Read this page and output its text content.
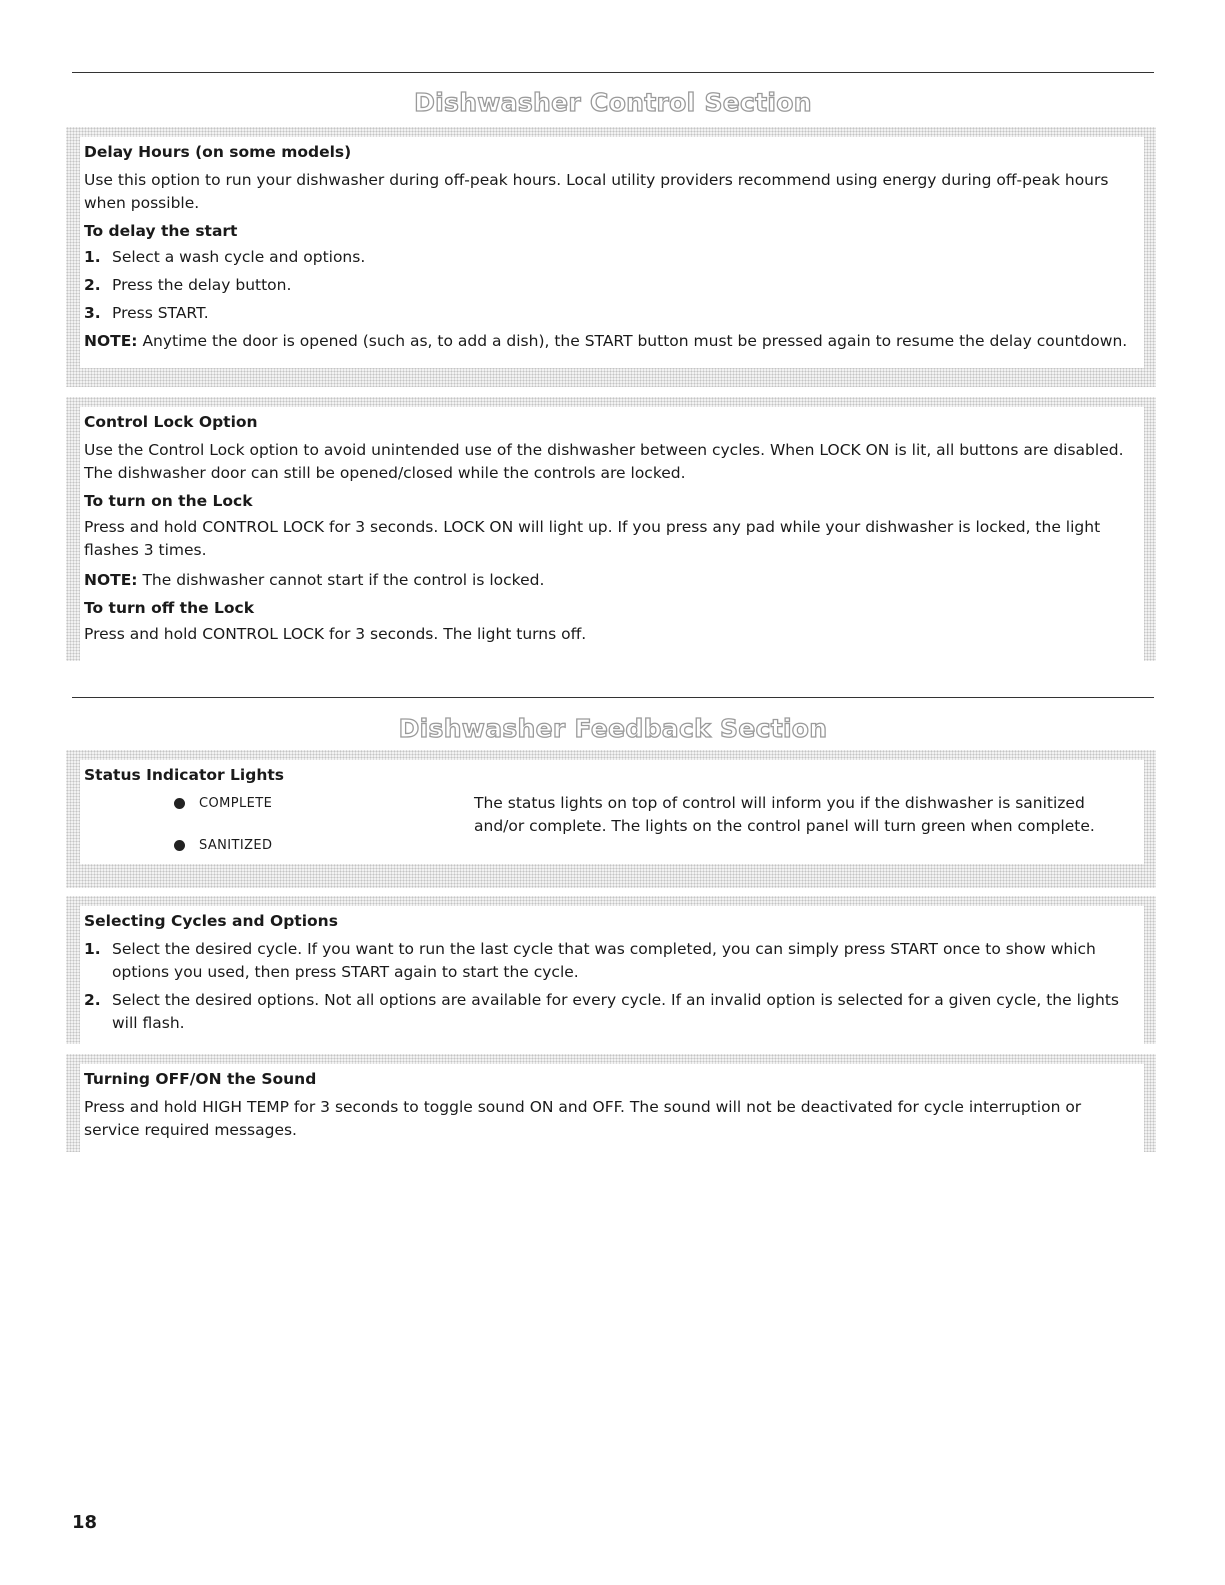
Dishwasher Control Section
Delay Hours (on some models)

Use this option to run your dishwasher during off-peak hours. Local utility providers recommend using energy during off-peak hours when possible.

To delay the start
1. Select a wash cycle and options.
2. Press the delay button.
3. Press START.

NOTE: Anytime the door is opened (such as, to add a dish), the START button must be pressed again to resume the delay countdown.

Control Lock Option

Use the Control Lock option to avoid unintended use of the dishwasher between cycles. When LOCK ON is lit, all buttons are disabled. The dishwasher door can still be opened/closed while the controls are locked.

To turn on the Lock

Press and hold CONTROL LOCK for 3 seconds. LOCK ON will light up. If you press any pad while your dishwasher is locked, the light flashes 3 times.

NOTE: The dishwasher cannot start if the control is locked.

To turn off the Lock

Press and hold CONTROL LOCK for 3 seconds. The light turns off.

Dishwasher Feedback Section
Status Indicator Lights
COMPLETE
SANITIZED
The status lights on top of control will inform you if the dishwasher is sanitized and/or complete. The lights on the control panel will turn green when complete.
Selecting Cycles and Options
1. Select the desired cycle. If you want to run the last cycle that was completed, you can simply press START once to show which options you used, then press START again to start the cycle.
2. Select the desired options. Not all options are available for every cycle. If an invalid option is selected for a given cycle, the lights will flash.
Turning OFF/ON the Sound

Press and hold HIGH TEMP for 3 seconds to toggle sound ON and OFF. The sound will not be deactivated for cycle interruption or service required messages.

18
